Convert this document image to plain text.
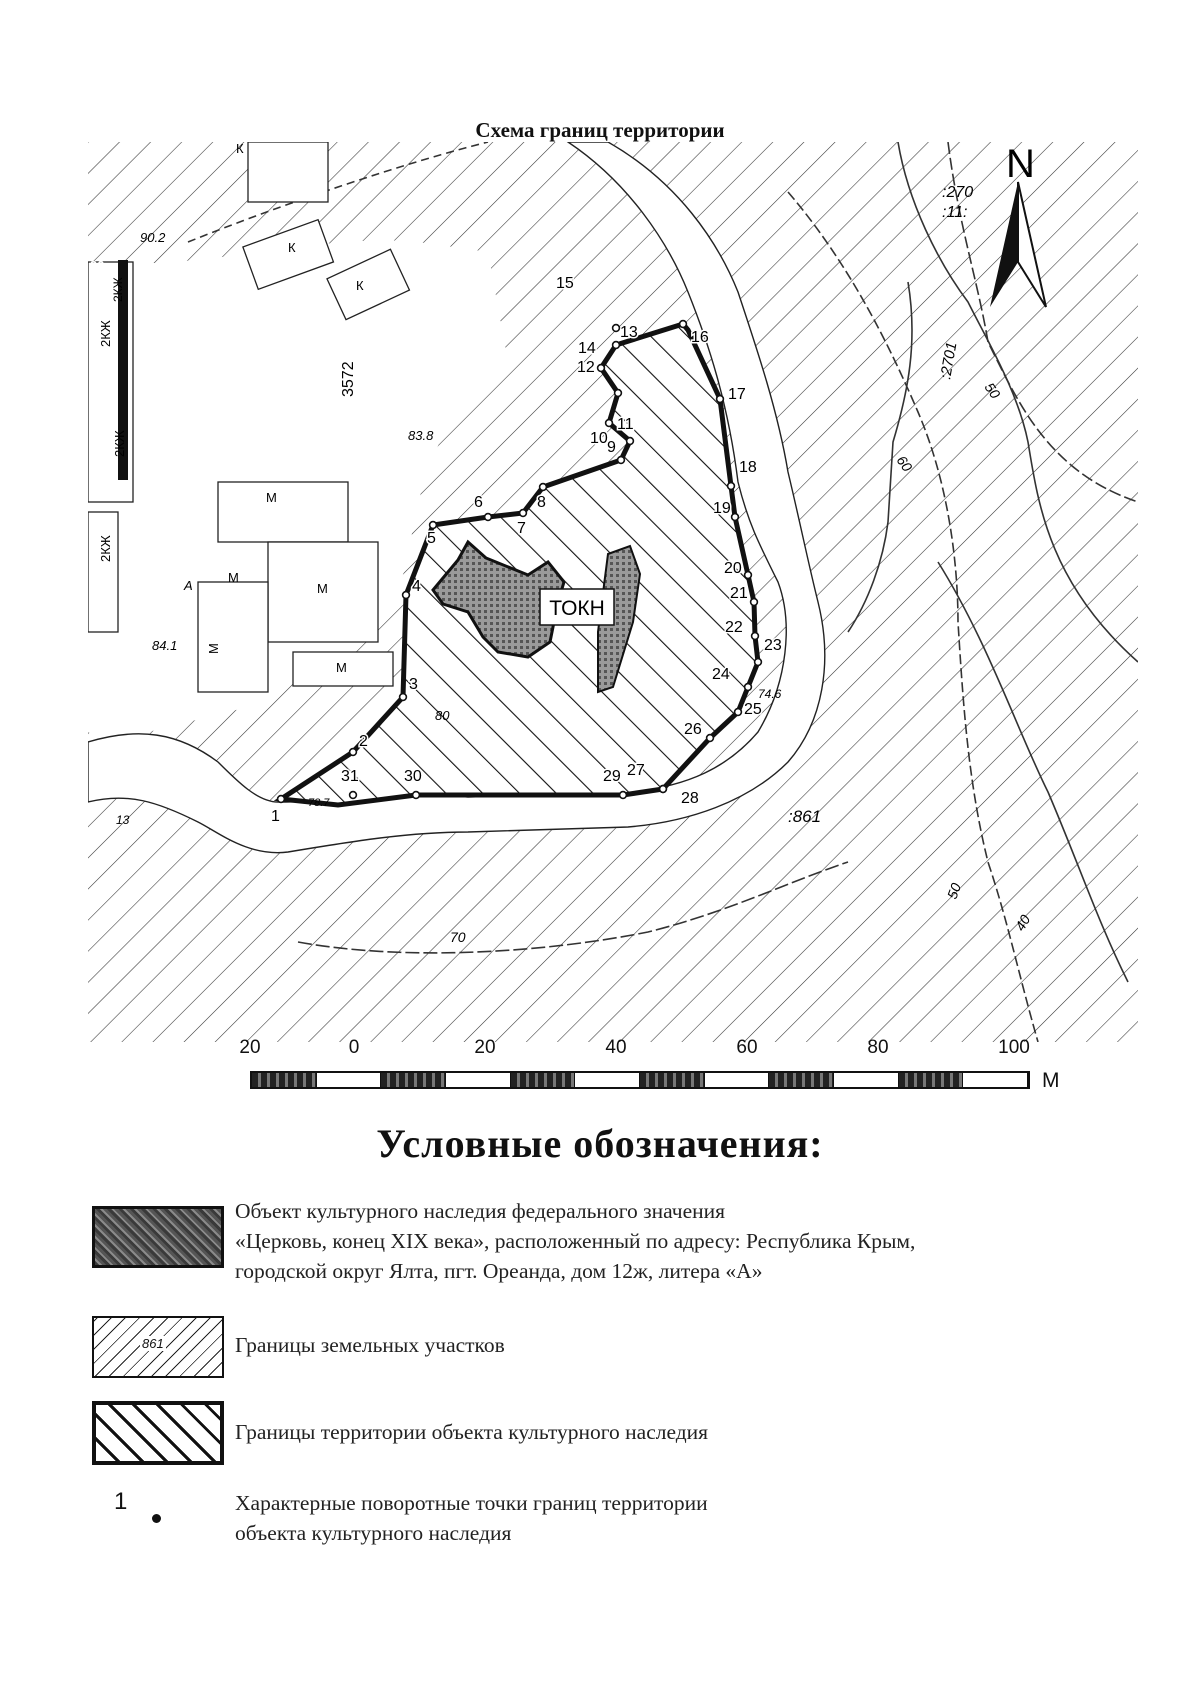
Схема границ территории
N
ТОКН
:270
:11:
3572	:2701
:861
2КЖ
2КЖ
2КЖ
2КЖ
90.2
83.8
84.1
80
78.7
74.6
90
70
60
50
50
40
13
А
К
К
К
М
М
М
М
М
1
2
3
4
5
6
7
8
9
10
11
12
13
14
15
16
17
18
19
20
21
22
23
24
25
26
27
28
29
30
31
20	0	20	40	60	80	100
М
Условные обозначения:
Объект культурного наследия федерального значения
«Церковь, конец XIX века», расположенный по адресу: Республика Крым,
городской округ Ялта, пгт. Ореанда, дом 12ж, литера «А»
861	Границы земельных участков
Границы территории объекта культурного наследия
1	Характерные поворотные точки границ территории
объекта культурного наследия
